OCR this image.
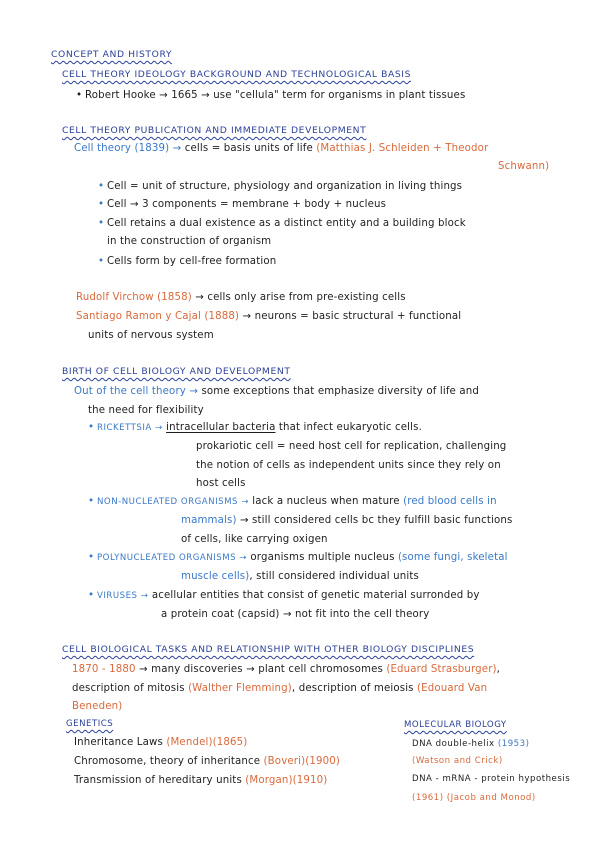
CONCEPT AND HISTORY
CELL THEORY IDEOLOGY BACKGROUND AND TECHNOLOGICAL BASIS
• Robert Hooke → 1665 → use "cellula" term for organisms in plant tissues
CELL THEORY PUBLICATION AND IMMEDIATE DEVELOPMENT
Cell theory (1839) → cells = basis units of life (Matthias J. Schleiden + Theodor
Schwann)
• Cell = unit of structure, physiology and organization in living things
• Cell → 3 components = membrane + body + nucleus
• Cell retains a dual existence as a distinct entity and a building block
in the construction of organism
• Cells form by cell-free formation
Rudolf Virchow (1858) → cells only arise from pre-existing cells
Santiago Ramon y Cajal (1888) → neurons = basic structural + functional
units of nervous system
BIRTH OF CELL BIOLOGY AND DEVELOPMENT
Out of the cell theory → some exceptions that emphasize diversity of life and
the need for flexibility
• RICKETTSIA → intracellular bacteria that infect eukaryotic cells.
prokariotic cell = need host cell for replication, challenging
the notion of cells as independent units since they rely on
host cells
• NON-NUCLEATED ORGANISMS → lack a nucleus when mature (red blood cells in
mammals) → still considered cells bc they fulfill basic functions
of cells, like carrying oxigen
• POLYNUCLEATED ORGANISMS → organisms multiple nucleus (some fungi, skeletal
muscle cells), still considered individual units
• VIRUSES → acellular entities that consist of genetic material surronded by
a protein coat (capsid) → not fit into the cell theory
CELL BIOLOGICAL TASKS AND RELATIONSHIP WITH OTHER BIOLOGY DISCIPLINES
1870 - 1880 → many discoveries → plant cell chromosomes (Eduard Strasburger),
description of mitosis (Walther Flemming), description of meiosis (Edouard Van
Beneden)
GENETICS
Inheritance Laws (Mendel)(1865)
Chromosome, theory of inheritance (Boveri)(1900)
Transmission of hereditary units (Morgan)(1910)
MOLECULAR BIOLOGY
DNA double-helix (1953)
(Watson and Crick)
DNA - mRNA - protein hypothesis
(1961) (Jacob and Monod)
